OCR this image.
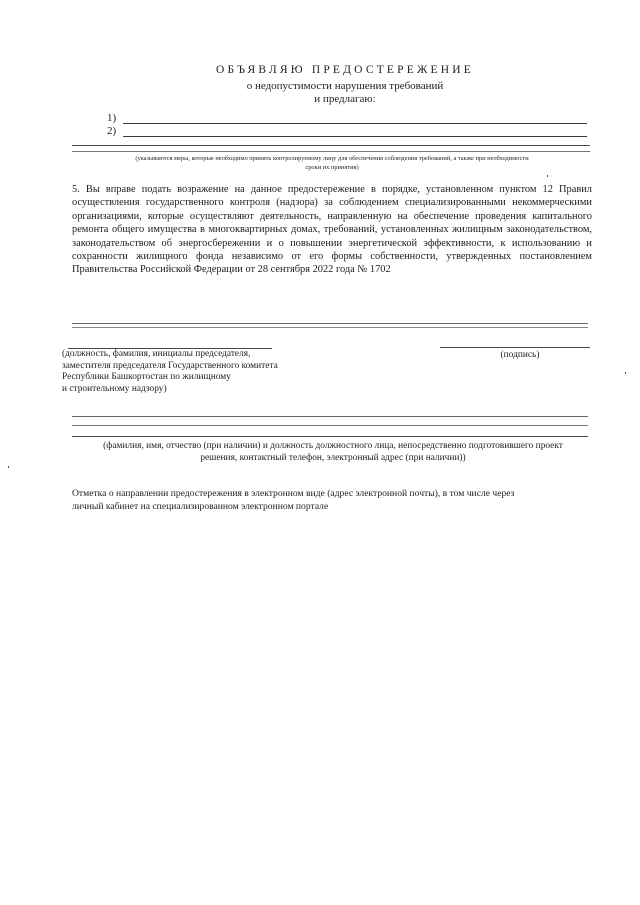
ОБЪЯВЛЯЮ ПРЕДОСТЕРЕЖЕНИЕ

о недопустимости нарушения требований

и предлагаю:

1)
2)

(указываются меры, которые необходимо принять контролируемому лицу для обеспечения соблюдения требований, а также при необходимости

сроки их принятия)

5. Вы вправе подать возражение на данное предостережение в порядке, установленном пунктом 12 Правил осуществления государственного контроля (надзора) за соблюдением специализированными некоммерческими организациями, которые осуществляют деятельность, направленную на обеспечение проведения капитального ремонта общего имущества в многоквартирных домах, требований, установленных жилищным законодательством, законодательством об энергосбережении и о повышении энергетической эффективности, к использованию и сохранности жилищного фонда независимо от его формы собственности, утвержденных постановлением Правительства Российской Федерации от 28 сентября 2022 года № 1702

(должность, фамилия, инициалы председателя,
заместителя председателя Государственного комитета
Республики Башкортостан по жилищному
и строительному надзору)
(подпись)

(фамилия, имя, отчество (при наличии) и должность должностного лица, непосредственно подготовившего проект
решения, контактный телефон, электронный адрес (при наличии))

Отметка о направлении предостережения в электронном виде (адрес электронной почты), в том числе через
личный кабинет на специализированном электронном портале
